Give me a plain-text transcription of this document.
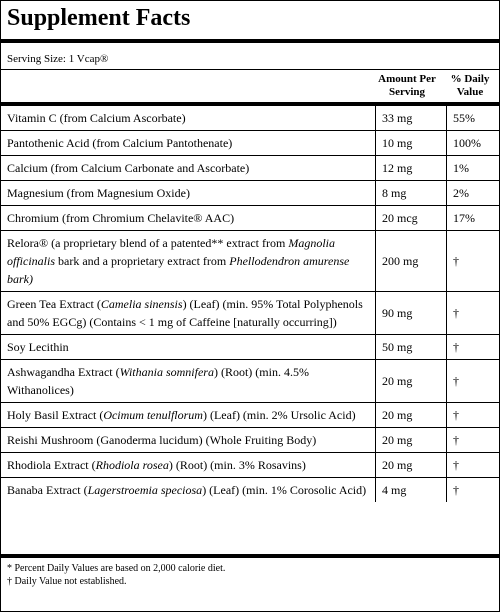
Supplement Facts
Serving Size: 1 Vcap®
Amount Per Serving
% Daily Value
Vitamin C (from Calcium Ascorbate)	33 mg	55%
Pantothenic Acid (from Calcium Pantothenate)	10 mg	100%
Calcium (from Calcium Carbonate and Ascorbate)	12 mg	1%
Magnesium (from Magnesium Oxide)	8 mg	2%
Chromium (from Chromium Chelavite® AAC)	20 mcg	17%
Relora® (a proprietary blend of a patented** extract from Magnolia officinalis bark and a proprietary extract from Phellodendron amurense bark)	200 mg	†
Green Tea Extract (Camelia sinensis) (Leaf) (min. 95% Total Polyphenols and 50% EGCg) (Contains < 1 mg of Caffeine [naturally occurring])	90 mg	†
Soy Lecithin	50 mg	†
Ashwagandha Extract (Withania somnifera) (Root) (min. 4.5% Withanolices)	20 mg	†
Holy Basil Extract (Ocimum tenulflorum) (Leaf) (min. 2% Ursolic Acid)	20 mg	†
Reishi Mushroom (Ganoderma lucidum) (Whole Fruiting Body)	20 mg	†
Rhodiola Extract (Rhodiola rosea) (Root) (min. 3% Rosavins)	20 mg	†
Banaba Extract (Lagerstroemia speciosa) (Leaf) (min. 1% Corosolic Acid)	4 mg	†
* Percent Daily Values are based on 2,000 calorie diet.
† Daily Value not established.
